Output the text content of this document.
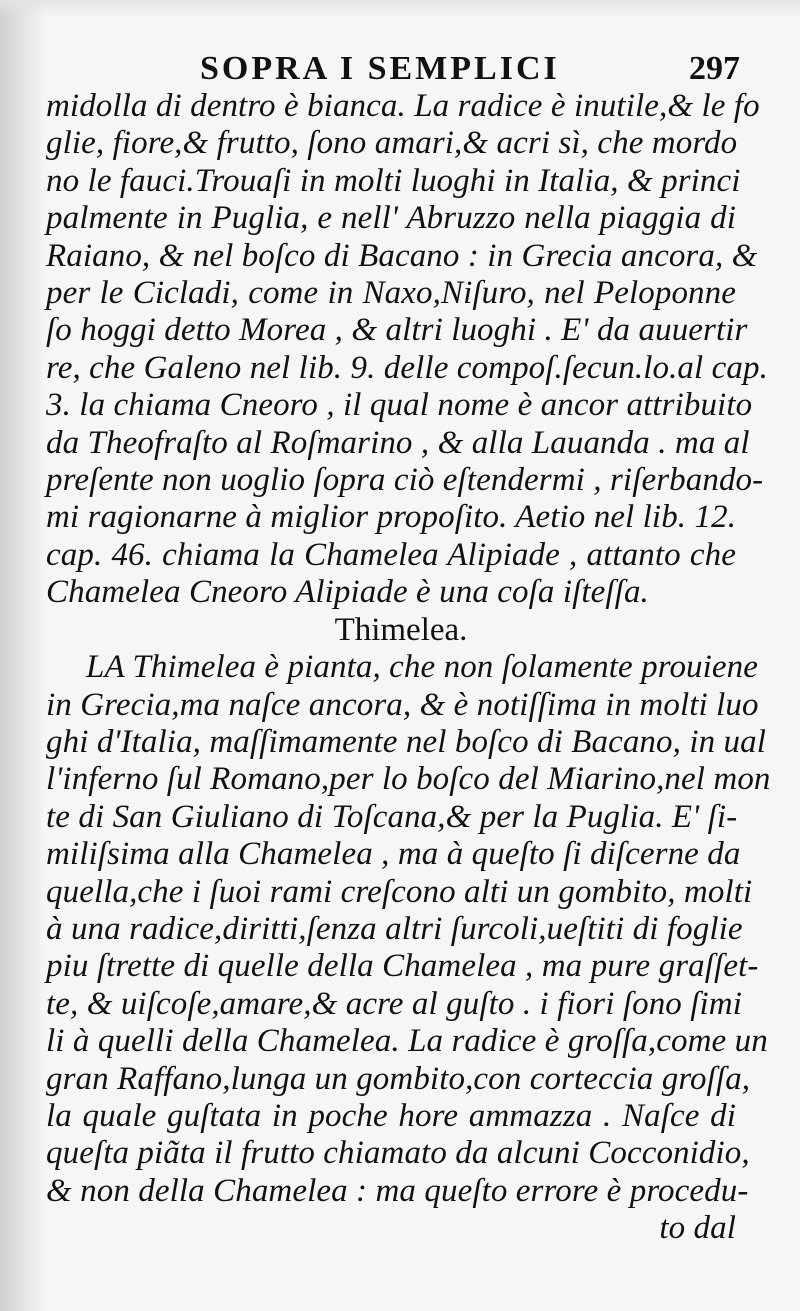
SOPRA I SEMPLICI	297
midolla di dentro è bianca. La radice è inutile,& le fo
glie, fiore,& frutto, ſono amari,& acri sì, che mordo
no le fauci.Trouaſi in molti luoghi in Italia, & princi
palmente in Puglia, e nell' Abruzzo nella piaggia di
Raiano, & nel boſco di Bacano : in Grecia ancora, &
per le Cicladi, come in Naxo,Niſuro, nel Peloponne
ſo hoggi detto Morea , & altri luoghi . E' da auuertir
re, che Galeno nel lib. 9. delle compoſ.ſecun.lo.al cap.
3. la chiama Cneoro , il qual nome è ancor attribuito
da Theofraſto al Roſmarino , & alla Lauanda . ma al
preſente non uoglio ſopra ciò eſtendermi , riſerbando-
mi ragionarne à miglior propoſito. Aetio nel lib. 12.
cap. 46. chiama la Chamelea Alipiade , attanto che
Chamelea Cneoro Alipiade è una coſa iſteſſa.
Thimelea.
LA Thimelea è pianta, che non ſolamente prouiene
in Grecia,ma naſce ancora, & è notiſſima in molti luo
ghi d'Italia, maſſimamente nel boſco di Bacano, in ual
l'inferno ſul Romano,per lo boſco del Miarino,nel mon
te di San Giuliano di Toſcana,& per la Puglia. E' ſi-
miliſsima alla Chamelea , ma à queſto ſi diſcerne da
quella,che i ſuoi rami creſcono alti un gombito, molti
à una radice,diritti,ſenza altri ſurcoli,ueſtiti di foglie
piu ſtrette di quelle della Chamelea , ma pure graſſet-
te, & uiſcoſe,amare,& acre al guſto . i fiori ſono ſimi
li à quelli della Chamelea. La radice è groſſa,come un
gran Raffano,lunga un gombito,con corteccia groſſa,
la quale guſtata in poche hore ammazza . Naſce di
queſta piãta il frutto chiamato da alcuni Cocconidio,
& non della Chamelea : ma queſto errore è procedu-
to dal
